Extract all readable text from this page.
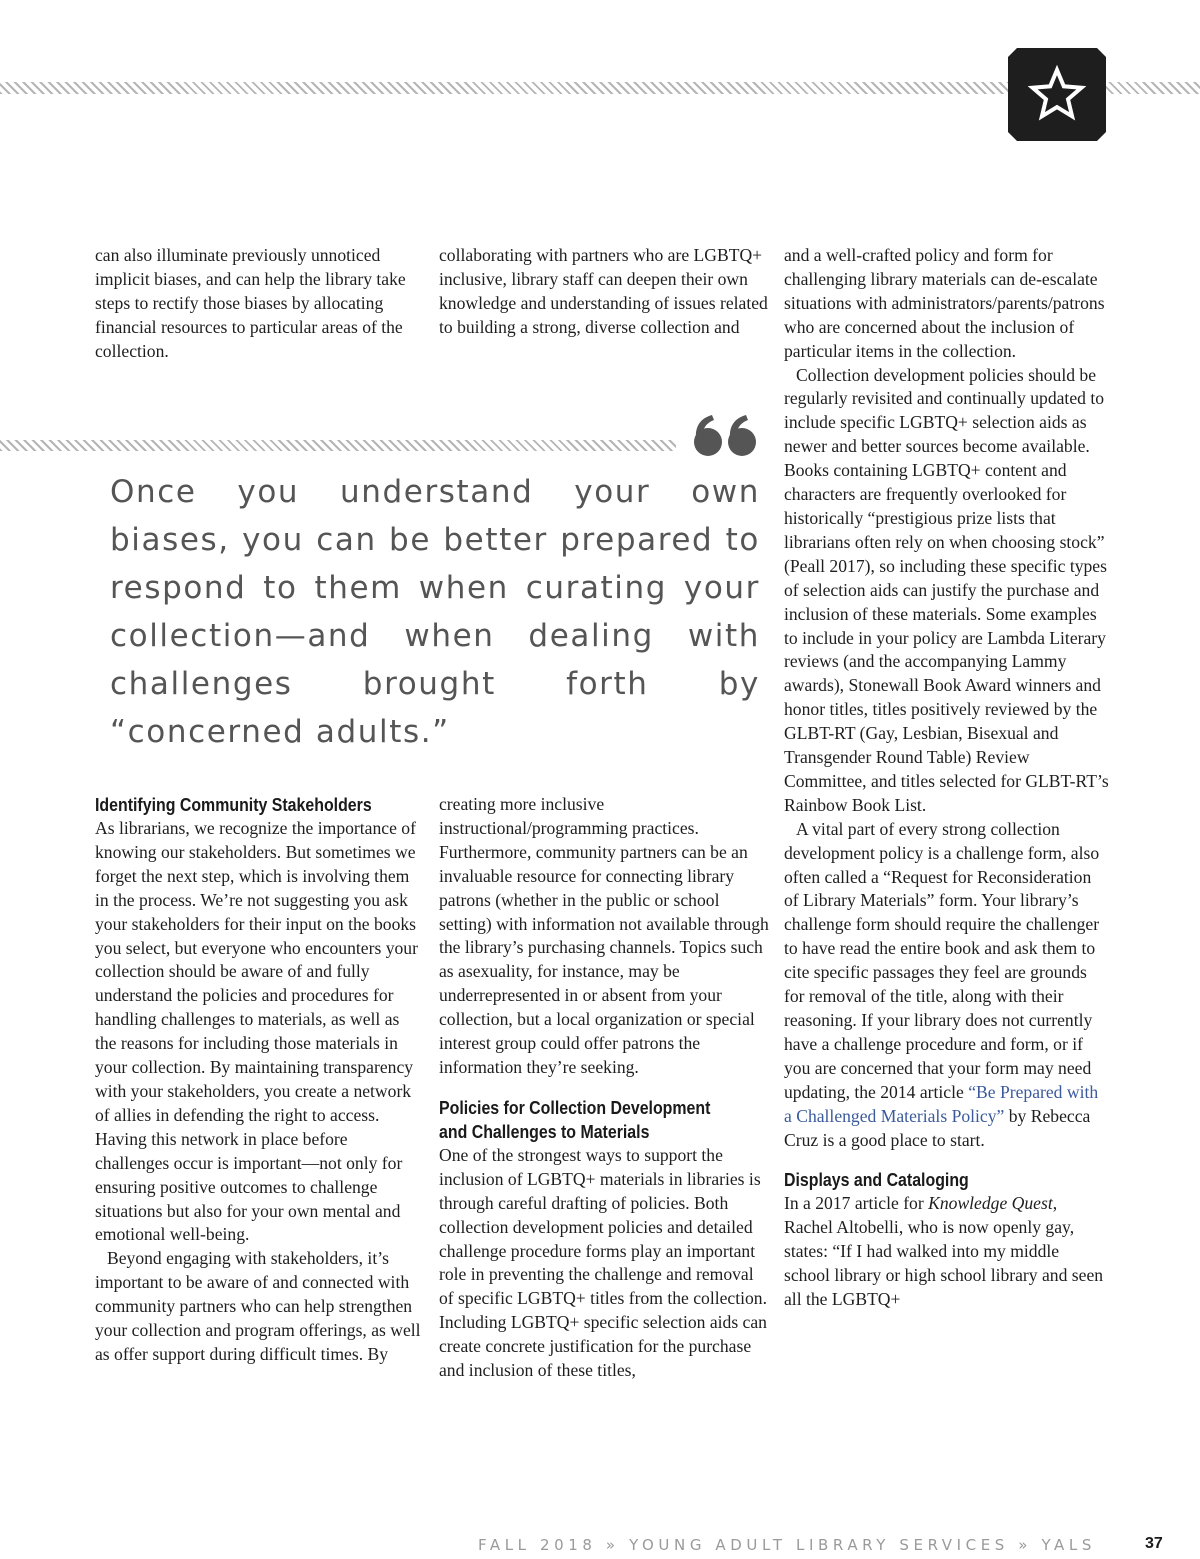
can also illuminate previously unnoticed implicit biases, and can help the library take steps to rectify those biases by allocating financial resources to particular areas of the collection.

Identifying Community Stakeholders

As librarians, we recognize the importance of knowing our stakeholders. But sometimes we forget the next step, which is involving them in the process. We’re not suggesting you ask your stakeholders for their input on the books you select, but everyone who encounters your collection should be aware of and fully understand the policies and procedures for handling challenges to materials, as well as the reasons for including those materials in your collection. By maintaining transparency with your stakeholders, you create a network of allies in defending the right to access. Having this network in place before challenges occur is important—not only for ensuring positive outcomes to challenge situations but also for your own mental and emotional well-being.

Beyond engaging with stakeholders, it’s important to be aware of and connected with community partners who can help strengthen your collection and program offerings, as well as offer support during difficult times. By

collaborating with partners who are LGBTQ+ inclusive, library staff can deepen their own knowledge and understanding of issues related to building a strong, diverse collection and

creating more inclusive instructional/programming practices. Furthermore, community partners can be an invaluable resource for connecting library patrons (whether in the public or school setting) with information not available through the library’s purchasing channels. Topics such as asexuality, for instance, may be underrepresented in or absent from your collection, but a local organization or special interest group could offer patrons the information they’re seeking.

Policies for Collection Development
and Challenges to Materials

One of the strongest ways to support the inclusion of LGBTQ+ materials in libraries is through careful drafting of policies. Both collection development policies and detailed challenge procedure forms play an important role in preventing the challenge and removal of specific LGBTQ+ titles from the collection. Including LGBTQ+ specific selection aids can create concrete justification for the purchase and inclusion of these titles,

and a well-crafted policy and form for challenging library materials can de-escalate situations with administrators/parents/patrons who are concerned about the inclusion of particular items in the collection.

Collection development policies should be regularly revisited and continually updated to include specific LGBTQ+ selection aids as newer and better sources become available. Books containing LGBTQ+ content and characters are frequently overlooked for historically “prestigious prize lists that librarians often rely on when choosing stock” (Peall 2017), so including these specific types of selection aids can justify the purchase and inclusion of these materials. Some examples to include in your policy are Lambda Literary reviews (and the accompanying Lammy awards), Stonewall Book Award winners and honor titles, titles positively reviewed by the GLBT-RT (Gay, Lesbian, Bisexual and Transgender Round Table) Review Committee, and titles selected for GLBT-RT’s Rainbow Book List.

A vital part of every strong collection development policy is a challenge form, also often called a “Request for Reconsideration of Library Materials” form. Your library’s challenge form should require the challenger to have read the entire book and ask them to cite specific passages they feel are grounds for removal of the title, along with their reasoning. If your library does not currently have a challenge procedure and form, or if you are concerned that your form may need updating, the 2014 article “Be Prepared with a Challenged Materials Policy” by Rebecca Cruz is a good place to start.

Displays and Cataloging

In a 2017 article for Knowledge Quest, Rachel Altobelli, who is now openly gay, states: “If I had walked into my middle school library or high school library and seen all the LGBTQ+

Once you understand your own biases, you can be better prepared to respond to them when curating your collection—and when dealing with challenges brought forth by “concerned adults.”

FALL 2018 » YOUNG ADULT LIBRARY SERVICES » YALS	37
